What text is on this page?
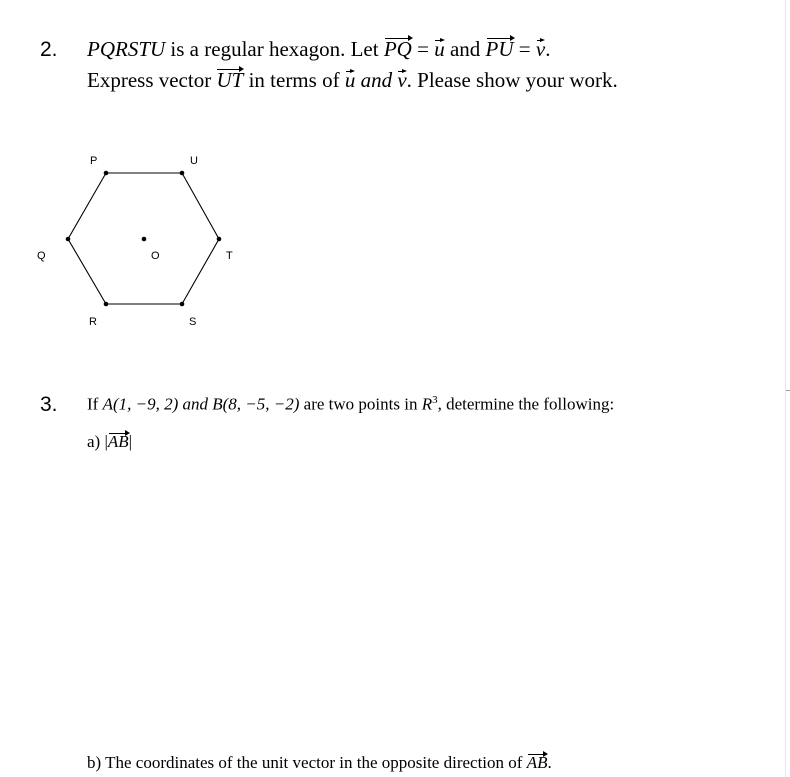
2. PQRSTU is a regular hexagon. Let PQ = u and PU = v.
Express vector UT in terms of u and v. Please show your work.
P	U
Q	O	T
R	S
3. If A(1, −9, 2) and B(8, −5, −2) are two points in $R^3$, determine the following:
a) |AB|
b) The coordinates of the unit vector in the opposite direction of AB.
